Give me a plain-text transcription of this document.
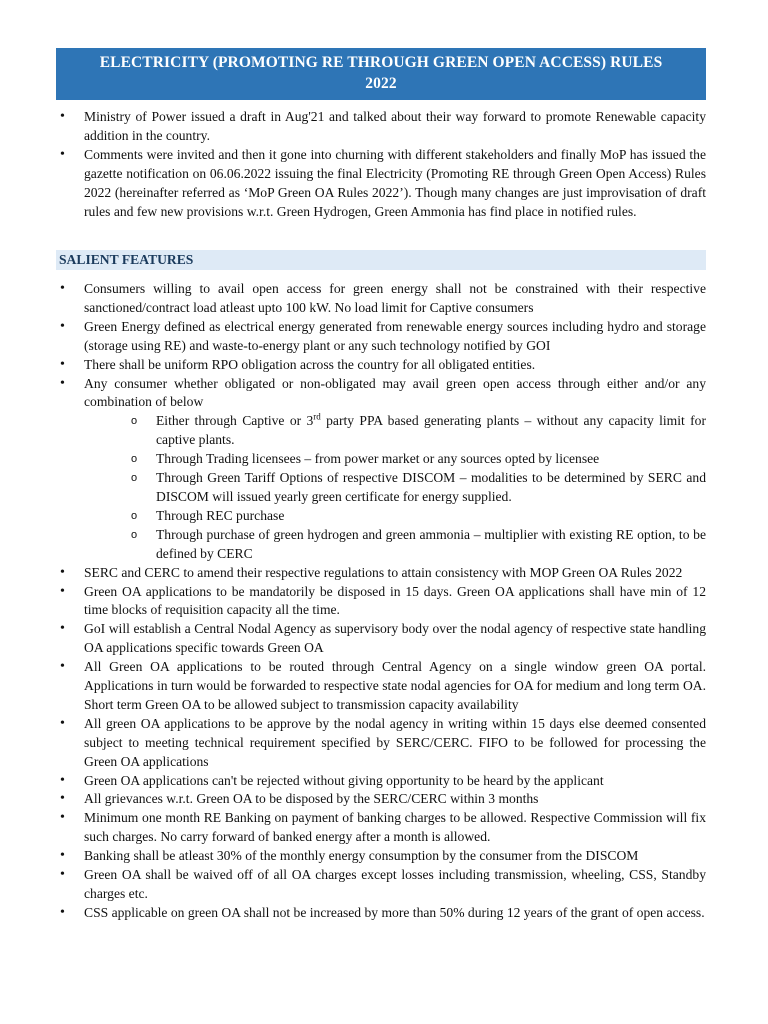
ELECTRICITY (PROMOTING RE THROUGH GREEN OPEN ACCESS) RULES
2022
• Ministry of Power issued a draft in Aug'21 and talked about their way forward to promote Renewable capacity addition in the country.
• Comments were invited and then it gone into churning with different stakeholders and finally MoP has issued the gazette notification on 06.06.2022 issuing the final Electricity (Promoting RE through Green Open Access) Rules 2022 (hereinafter referred as ‘MoP Green OA Rules 2022’). Though many changes are just improvisation of draft rules and few new provisions w.r.t. Green Hydrogen, Green Ammonia has find place in notified rules.
SALIENT FEATURES
• Consumers willing to avail open access for green energy shall not be constrained with their respective sanctioned/contract load atleast upto 100 kW. No load limit for Captive consumers
• Green Energy defined as electrical energy generated from renewable energy sources including hydro and storage (storage using RE) and waste-to-energy plant or any such technology notified by GOI
• There shall be uniform RPO obligation across the country for all obligated entities.
• Any consumer whether obligated or non-obligated may avail green open access through either and/or any combination of below
o Either through Captive or 3rd party PPA based generating plants – without any capacity limit for captive plants.
o Through Trading licensees – from power market or any sources opted by licensee
o Through Green Tariff Options of respective DISCOM – modalities to be determined by SERC and DISCOM will issued yearly green certificate for energy supplied.
o Through REC purchase
o Through purchase of green hydrogen and green ammonia – multiplier with existing RE option, to be defined by CERC
• SERC and CERC to amend their respective regulations to attain consistency with MOP Green OA Rules 2022
• Green OA applications to be mandatorily be disposed in 15 days. Green OA applications shall have min of 12 time blocks of requisition capacity all the time.
• GoI will establish a Central Nodal Agency as supervisory body over the nodal agency of respective state handling OA applications specific towards Green OA
• All Green OA applications to be routed through Central Agency on a single window green OA portal. Applications in turn would be forwarded to respective state nodal agencies for OA for medium and long term OA. Short term Green OA to be allowed subject to transmission capacity availability
• All green OA applications to be approve by the nodal agency in writing within 15 days else deemed consented subject to meeting technical requirement specified by SERC/CERC. FIFO to be followed for processing the Green OA applications
• Green OA applications can't be rejected without giving opportunity to be heard by the applicant
• All grievances w.r.t. Green OA to be disposed by the SERC/CERC within 3 months
• Minimum one month RE Banking on payment of banking charges to be allowed. Respective Commission will fix such charges. No carry forward of banked energy after a month is allowed.
• Banking shall be atleast 30% of the monthly energy consumption by the consumer from the DISCOM
• Green OA shall be waived off of all OA charges except losses including transmission, wheeling, CSS, Standby charges etc.
• CSS applicable on green OA shall not be increased by more than 50% during 12 years of the grant of open access.
